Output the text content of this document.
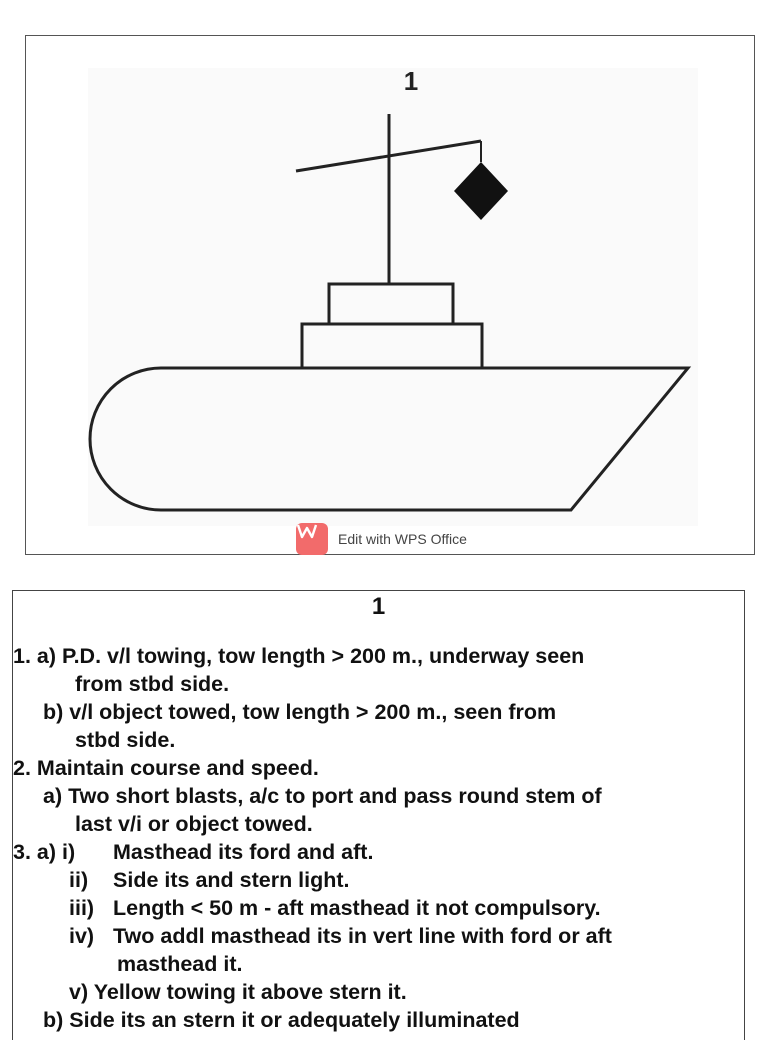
1
Edit with WPS Office
1
1. a) P.D. v/l towing, tow length > 200 m., underway seen
from stbd side.
b) v/l object towed, tow length > 200 m., seen from
stbd side.
2. Maintain course and speed.
a) Two short blasts, a/c to port and pass round stem of
last v/i or object towed.
3. a) i) Masthead its ford and aft.
ii) Side its and stern light.
iii) Length < 50 m - aft masthead it not compulsory.
iv) Two addl masthead its in vert line with ford or aft
masthead it.
v) Yellow towing it above stern it.
b) Side its an stern it or adequately illuminated
